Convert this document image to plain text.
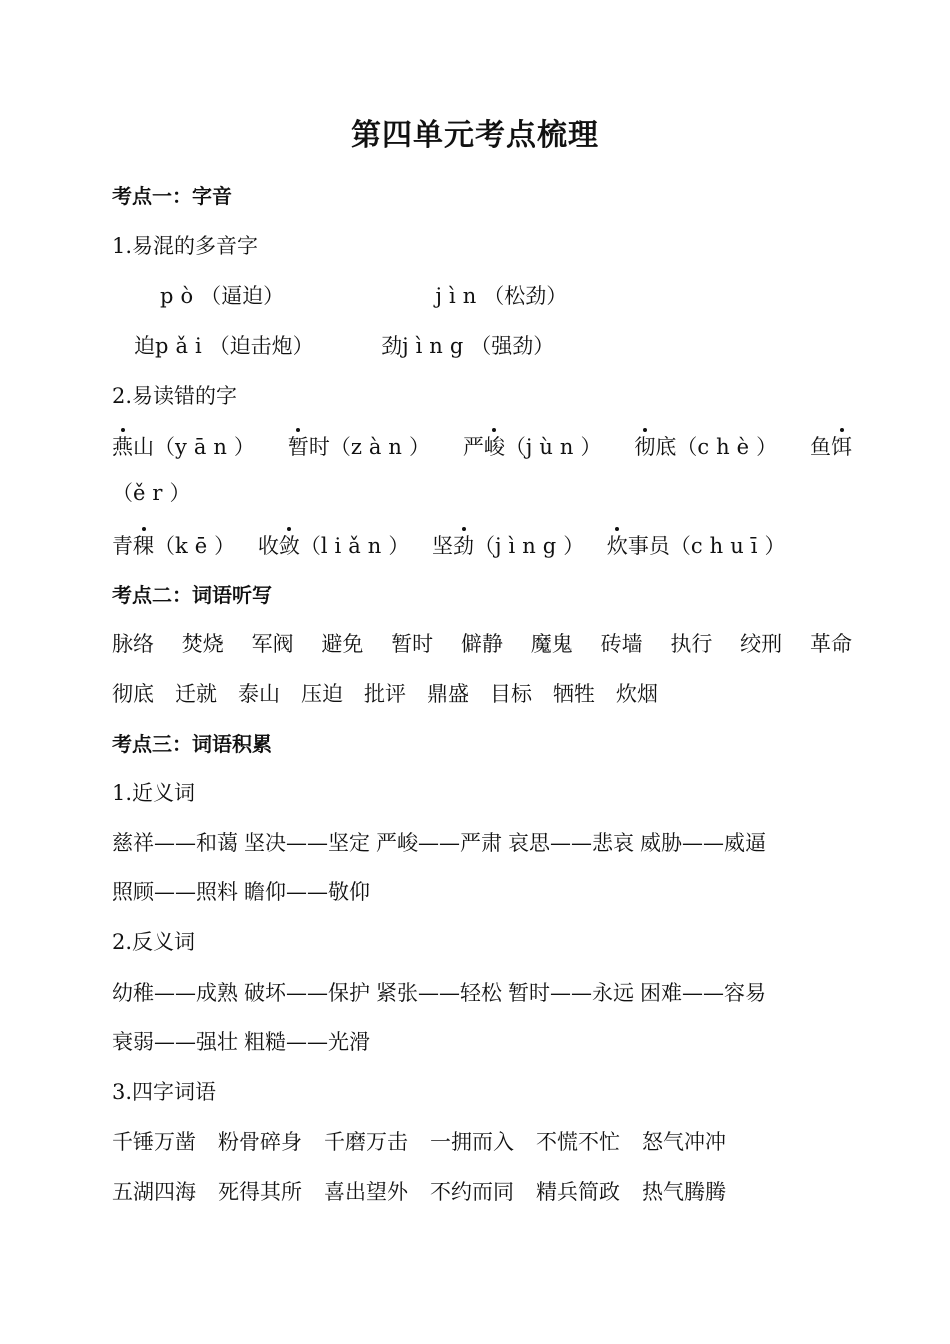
第四单元考点梳理
考点一：字音
1.易混的多音字
pò（逼迫）	jìn（松劲）
迫pǎi（迫击炮）	劲jìng（强劲）
2.易读错的字
燕山（yān） 暂时（zàn） 严峻（jùn） 彻底（chè） 鱼饵
（ěr）
青稞（kē） 收敛（liǎn） 坚劲（jìng） 炊事员（chuī）
考点二：词语听写
脉络 焚烧 军阀 避免 暂时 僻静 魔鬼 砖墙 执行 绞刑 革命
彻底 迁就 泰山 压迫 批评 鼎盛 目标 牺牲 炊烟
考点三：词语积累
1.近义词
慈祥——和蔼 坚决——坚定 严峻——严肃 哀思——悲哀 威胁——威逼
照顾——照料 瞻仰——敬仰
2.反义词
幼稚——成熟 破坏——保护 紧张——轻松 暂时——永远 困难——容易
衰弱——强壮 粗糙——光滑
3.四字词语
千锤万凿 粉骨碎身 千磨万击 一拥而入 不慌不忙 怒气冲冲
五湖四海 死得其所 喜出望外 不约而同 精兵简政 热气腾腾
